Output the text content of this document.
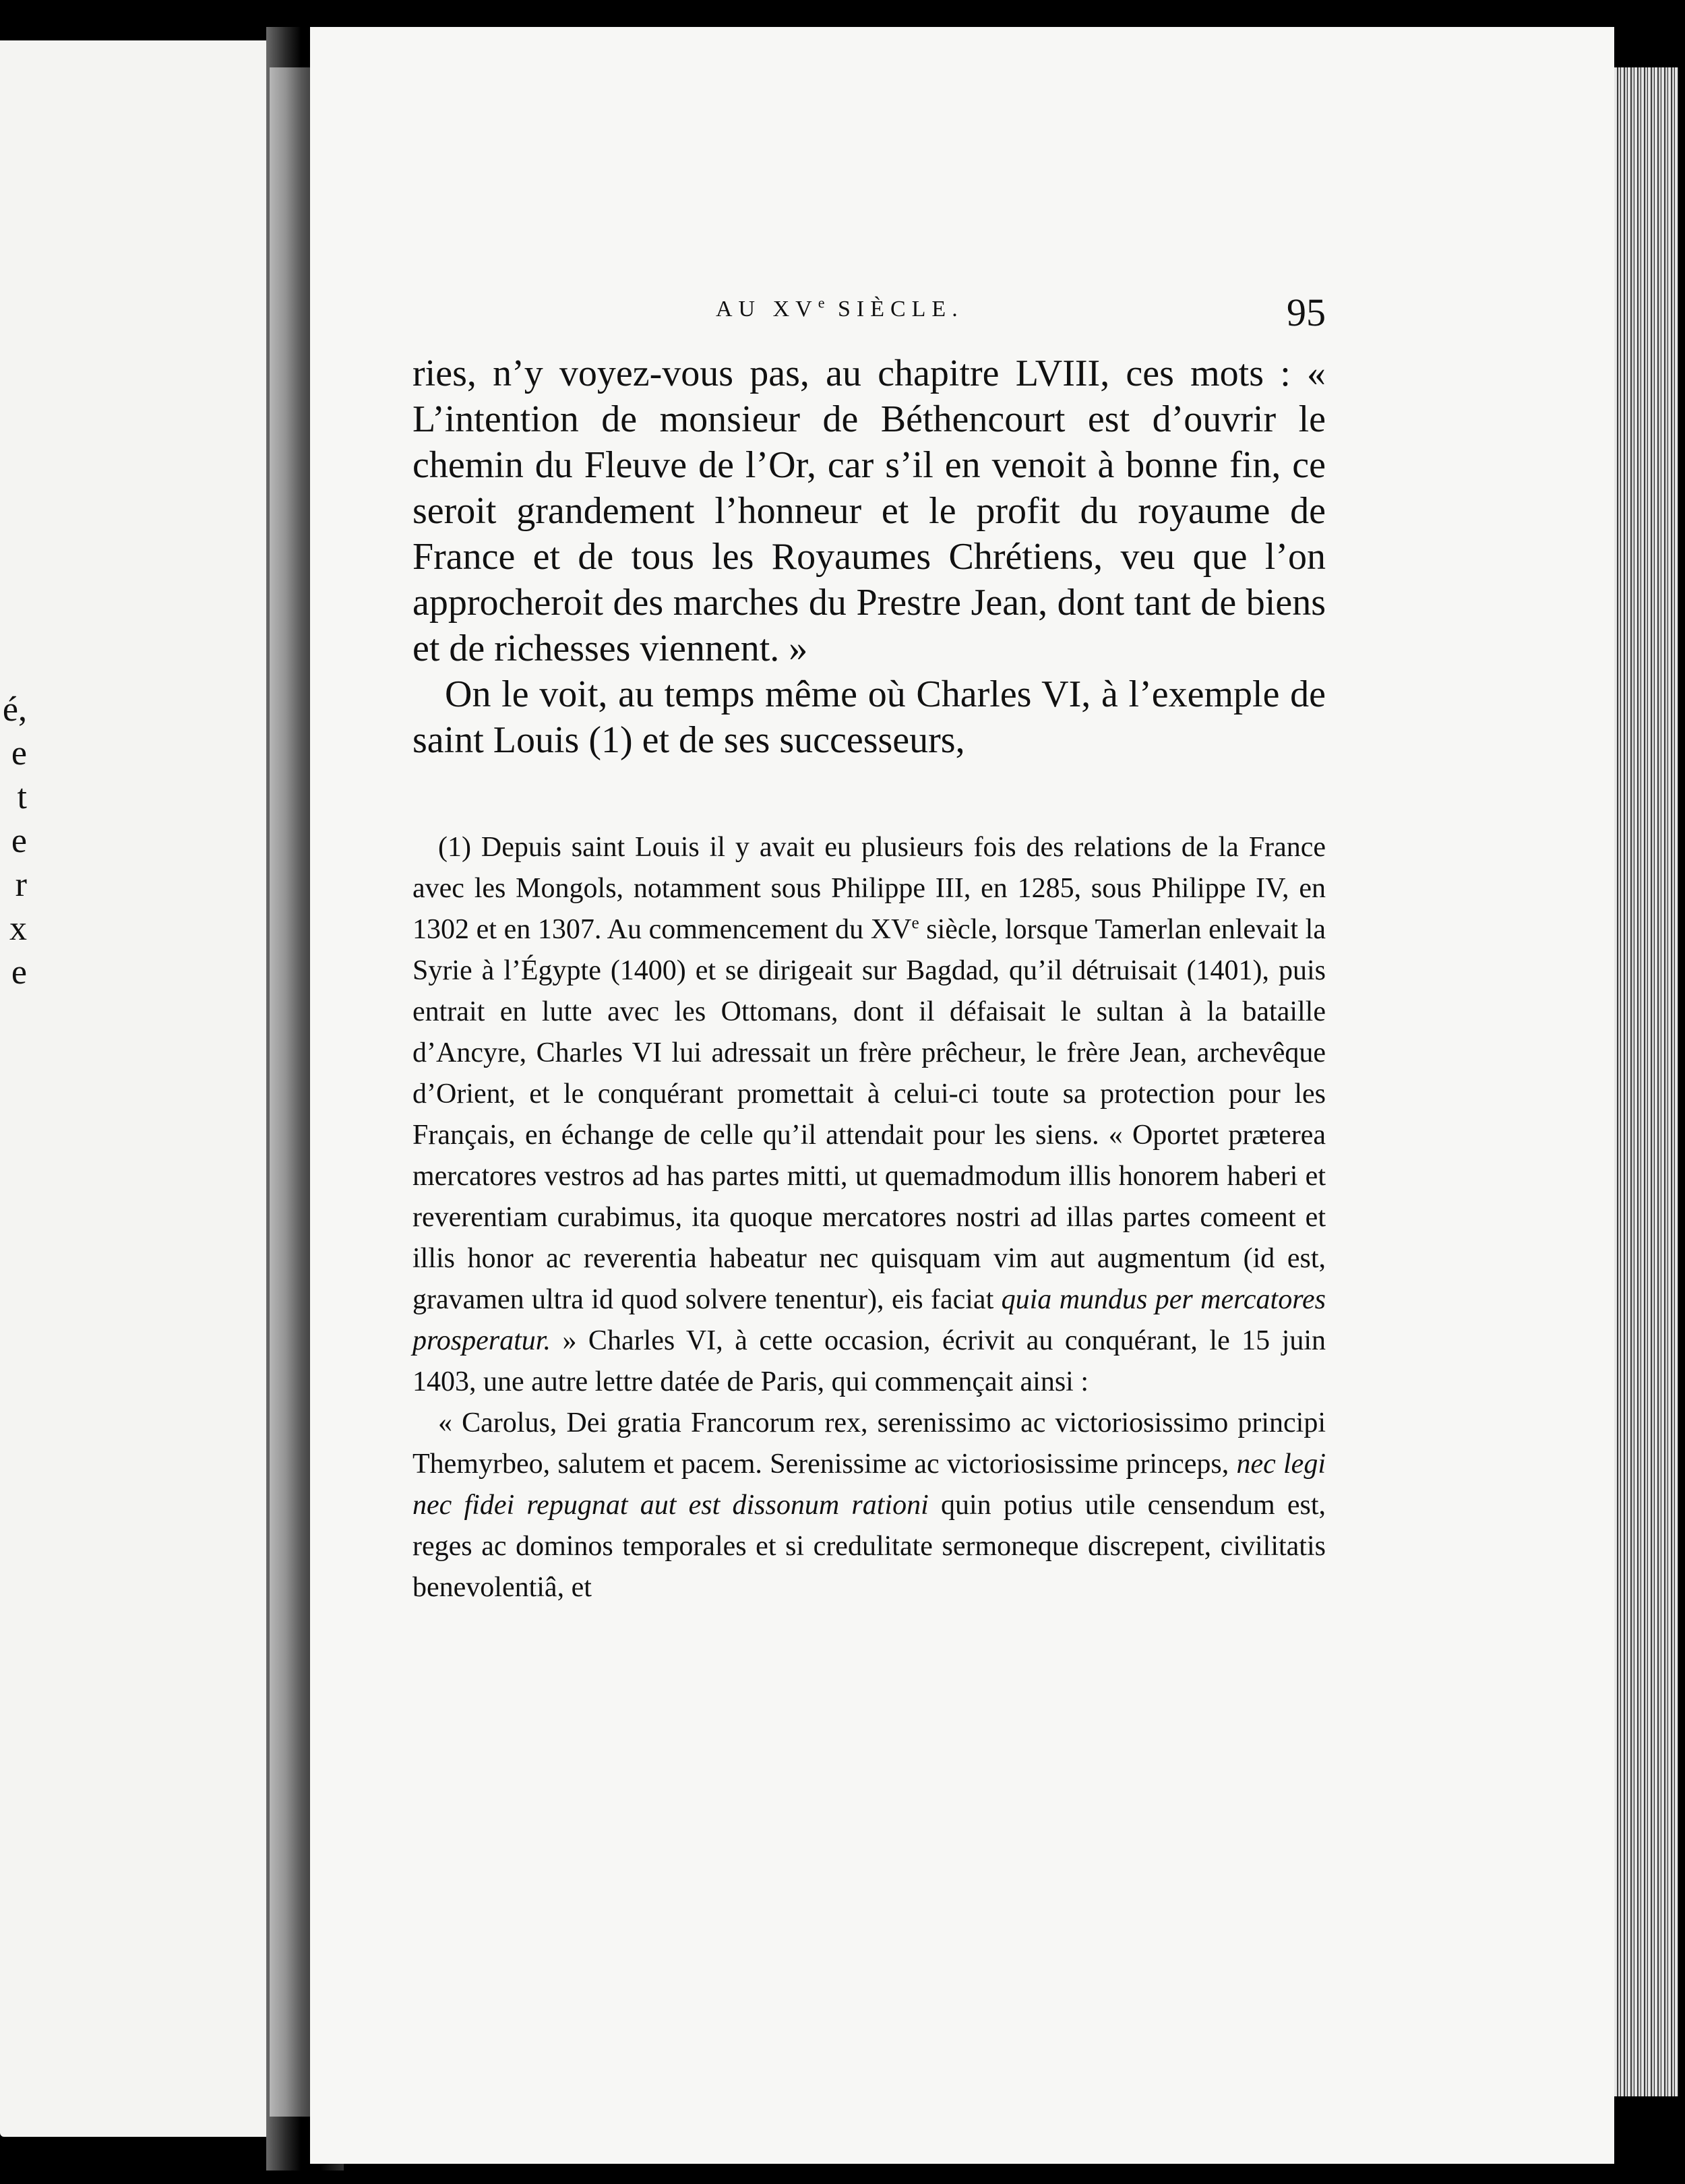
é,
e
t
e
r
x
e
AU XVe SIÈCLE.	95

ries, n’y voyez-vous pas, au chapitre LVIII, ces mots : « L’intention de monsieur de Béthencourt est d’ouvrir le chemin du Fleuve de l’Or, car s’il en venoit à bonne fin, ce seroit grandement l’honneur et le profit du royaume de France et de tous les Royaumes Chrétiens, veu que l’on approcheroit des marches du Prestre Jean, dont tant de biens et de richesses viennent. »

On le voit, au temps même où Charles VI, à l’exemple de saint Louis (1) et de ses successeurs,

(1) Depuis saint Louis il y avait eu plusieurs fois des relations de la France avec les Mongols, notamment sous Philippe III, en 1285, sous Philippe IV, en 1302 et en 1307. Au commencement du XVe siècle, lorsque Tamerlan enlevait la Syrie à l’Égypte (1400) et se dirigeait sur Bagdad, qu’il détruisait (1401), puis entrait en lutte avec les Ottomans, dont il défaisait le sultan à la bataille d’Ancyre, Charles VI lui adressait un frère prêcheur, le frère Jean, archevêque d’Orient, et le conquérant promettait à celui-ci toute sa protection pour les Français, en échange de celle qu’il attendait pour les siens. « Oportet præterea mercatores vestros ad has partes mitti, ut quemadmodum illis honorem haberi et reverentiam curabimus, ita quoque mercatores nostri ad illas partes comeent et illis honor ac reverentia habeatur nec quisquam vim aut augmentum (id est, gravamen ultra id quod solvere tenentur), eis faciat quia mundus per mercatores prosperatur. » Charles VI, à cette occasion, écrivit au conquérant, le 15 juin 1403, une autre lettre datée de Paris, qui commençait ainsi :

« Carolus, Dei gratia Francorum rex, serenissimo ac victoriosissimo principi Themyrbeo, salutem et pacem. Serenissime ac victoriosissime princeps, nec legi nec fidei repugnat aut est dissonum rationi quin potius utile censendum est, reges ac dominos temporales et si credulitate sermoneque discrepent, civilitatis benevolentiâ, et
